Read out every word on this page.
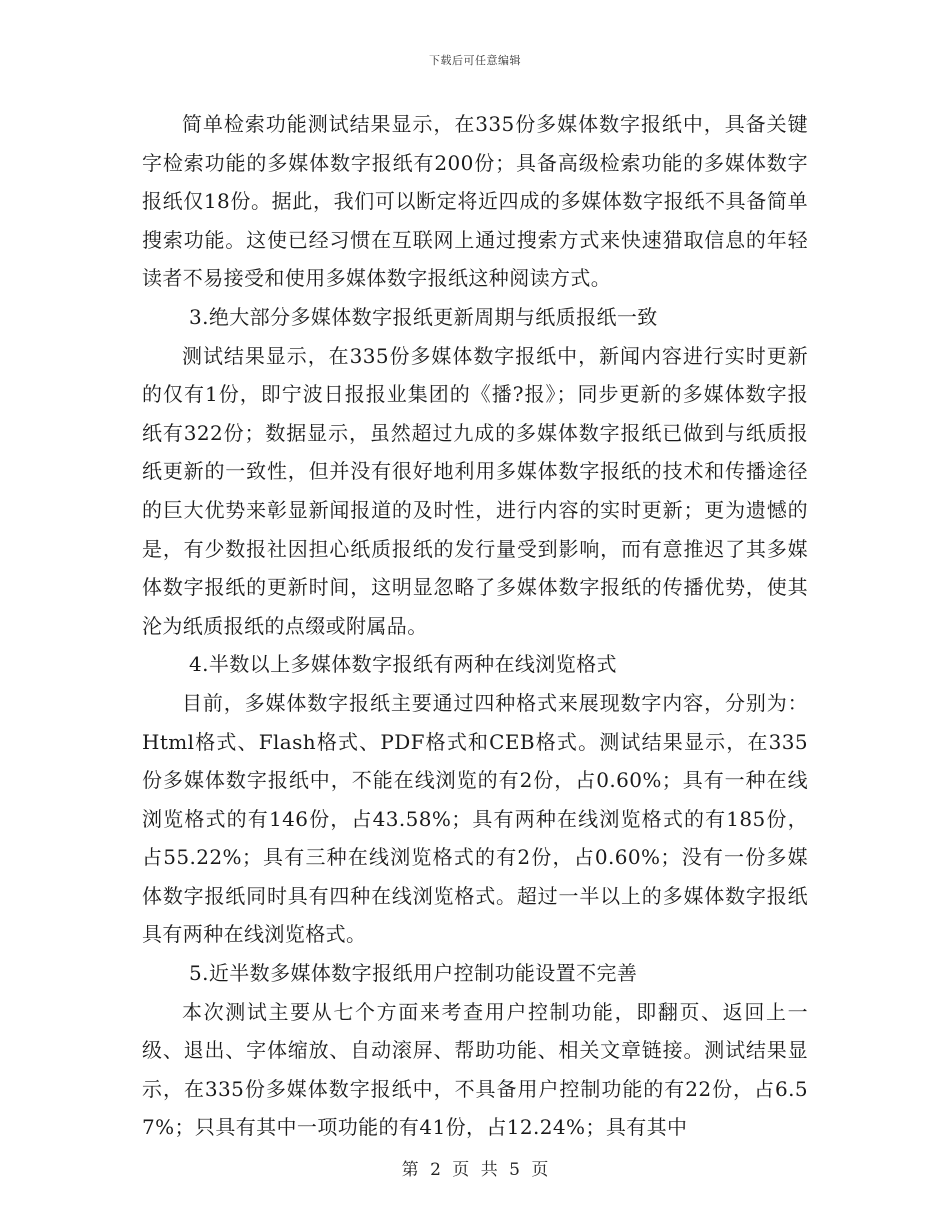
下载后可任意编辑

简单检索功能测试结果显示，在335份多媒体数字报纸中，具备关键字检索功能的多媒体数字报纸有200份；具备高级检索功能的多媒体数字报纸仅18份。据此，我们可以断定将近四成的多媒体数字报纸不具备简单搜索功能。这使已经习惯在互联网上通过搜索方式来快速猎取信息的年轻读者不易接受和使用多媒体数字报纸这种阅读方式。

3.绝大部分多媒体数字报纸更新周期与纸质报纸一致

测试结果显示，在335份多媒体数字报纸中，新闻内容进行实时更新的仅有1份，即宁波日报报业集团的《播?报》；同步更新的多媒体数字报纸有322份；数据显示，虽然超过九成的多媒体数字报纸已做到与纸质报纸更新的一致性，但并没有很好地利用多媒体数字报纸的技术和传播途径的巨大优势来彰显新闻报道的及时性，进行内容的实时更新；更为遗憾的是，有少数报社因担心纸质报纸的发行量受到影响，而有意推迟了其多媒体数字报纸的更新时间，这明显忽略了多媒体数字报纸的传播优势，使其沦为纸质报纸的点缀或附属品。

4.半数以上多媒体数字报纸有两种在线浏览格式

目前，多媒体数字报纸主要通过四种格式来展现数字内容，分别为：Html格式、Flash格式、PDF格式和CEB格式。测试结果显示，在335份多媒体数字报纸中，不能在线浏览的有2份，占0.60%；具有一种在线浏览格式的有146份，占43.58%；具有两种在线浏览格式的有185份，占55.22%；具有三种在线浏览格式的有2份，占0.60%；没有一份多媒体数字报纸同时具有四种在线浏览格式。超过一半以上的多媒体数字报纸具有两种在线浏览格式。

5.近半数多媒体数字报纸用户控制功能设置不完善

本次测试主要从七个方面来考查用户控制功能，即翻页、返回上一级、退出、字体缩放、自动滚屏、帮助功能、相关文章链接。测试结果显示，在335份多媒体数字报纸中，不具备用户控制功能的有22份，占6.57%；只具有其中一项功能的有41份，占12.24%；具有其中

第 2 页 共 5 页
